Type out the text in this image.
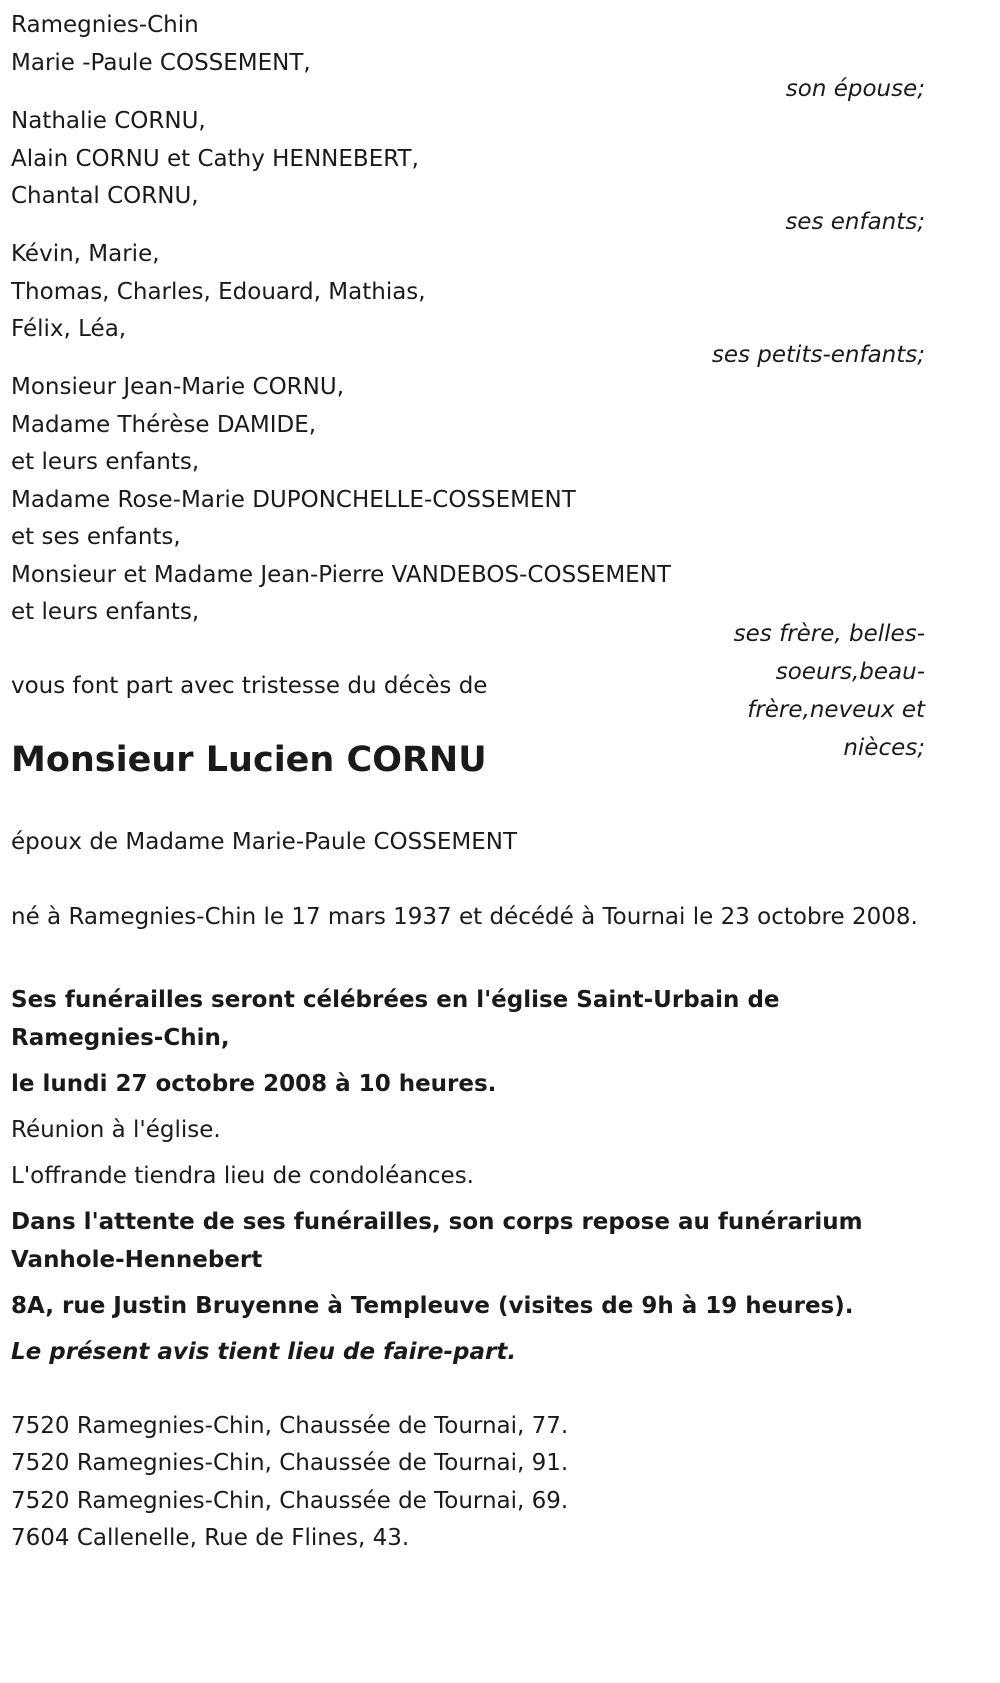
Ramegnies-Chin
Marie -Paule COSSEMENT,
son épouse;
Nathalie CORNU,
Alain CORNU et Cathy HENNEBERT,
Chantal CORNU,
ses enfants;
Kévin, Marie,
Thomas, Charles, Edouard, Mathias,
Félix, Léa,
ses petits-enfants;
Monsieur Jean-Marie CORNU,
Madame Thérèse DAMIDE,
et leurs enfants,
Madame Rose-Marie DUPONCHELLE-COSSEMENT
et ses enfants,
Monsieur et Madame Jean-Pierre VANDEBOS-COSSEMENT
et leurs enfants,
ses frère, belles-soeurs,beau-frère,neveux et nièces;
vous font part avec tristesse du décès de
Monsieur Lucien CORNU
époux de Madame Marie-Paule COSSEMENT
né à Ramegnies-Chin le 17 mars 1937 et décédé à Tournai le 23 octobre 2008.
Ses funérailles seront célébrées en l'église Saint-Urbain de Ramegnies-Chin,
le lundi 27 octobre 2008 à 10 heures.
Réunion à l'église.
L'offrande tiendra lieu de condoléances.
Dans l'attente de ses funérailles, son corps repose au funérarium Vanhole-Hennebert
8A, rue Justin Bruyenne à Templeuve (visites de 9h à 19 heures).
Le présent avis tient lieu de faire-part.
7520 Ramegnies-Chin, Chaussée de Tournai, 77.
7520 Ramegnies-Chin, Chaussée de Tournai, 91.
7520 Ramegnies-Chin, Chaussée de Tournai, 69.
7604 Callenelle, Rue de Flines, 43.
